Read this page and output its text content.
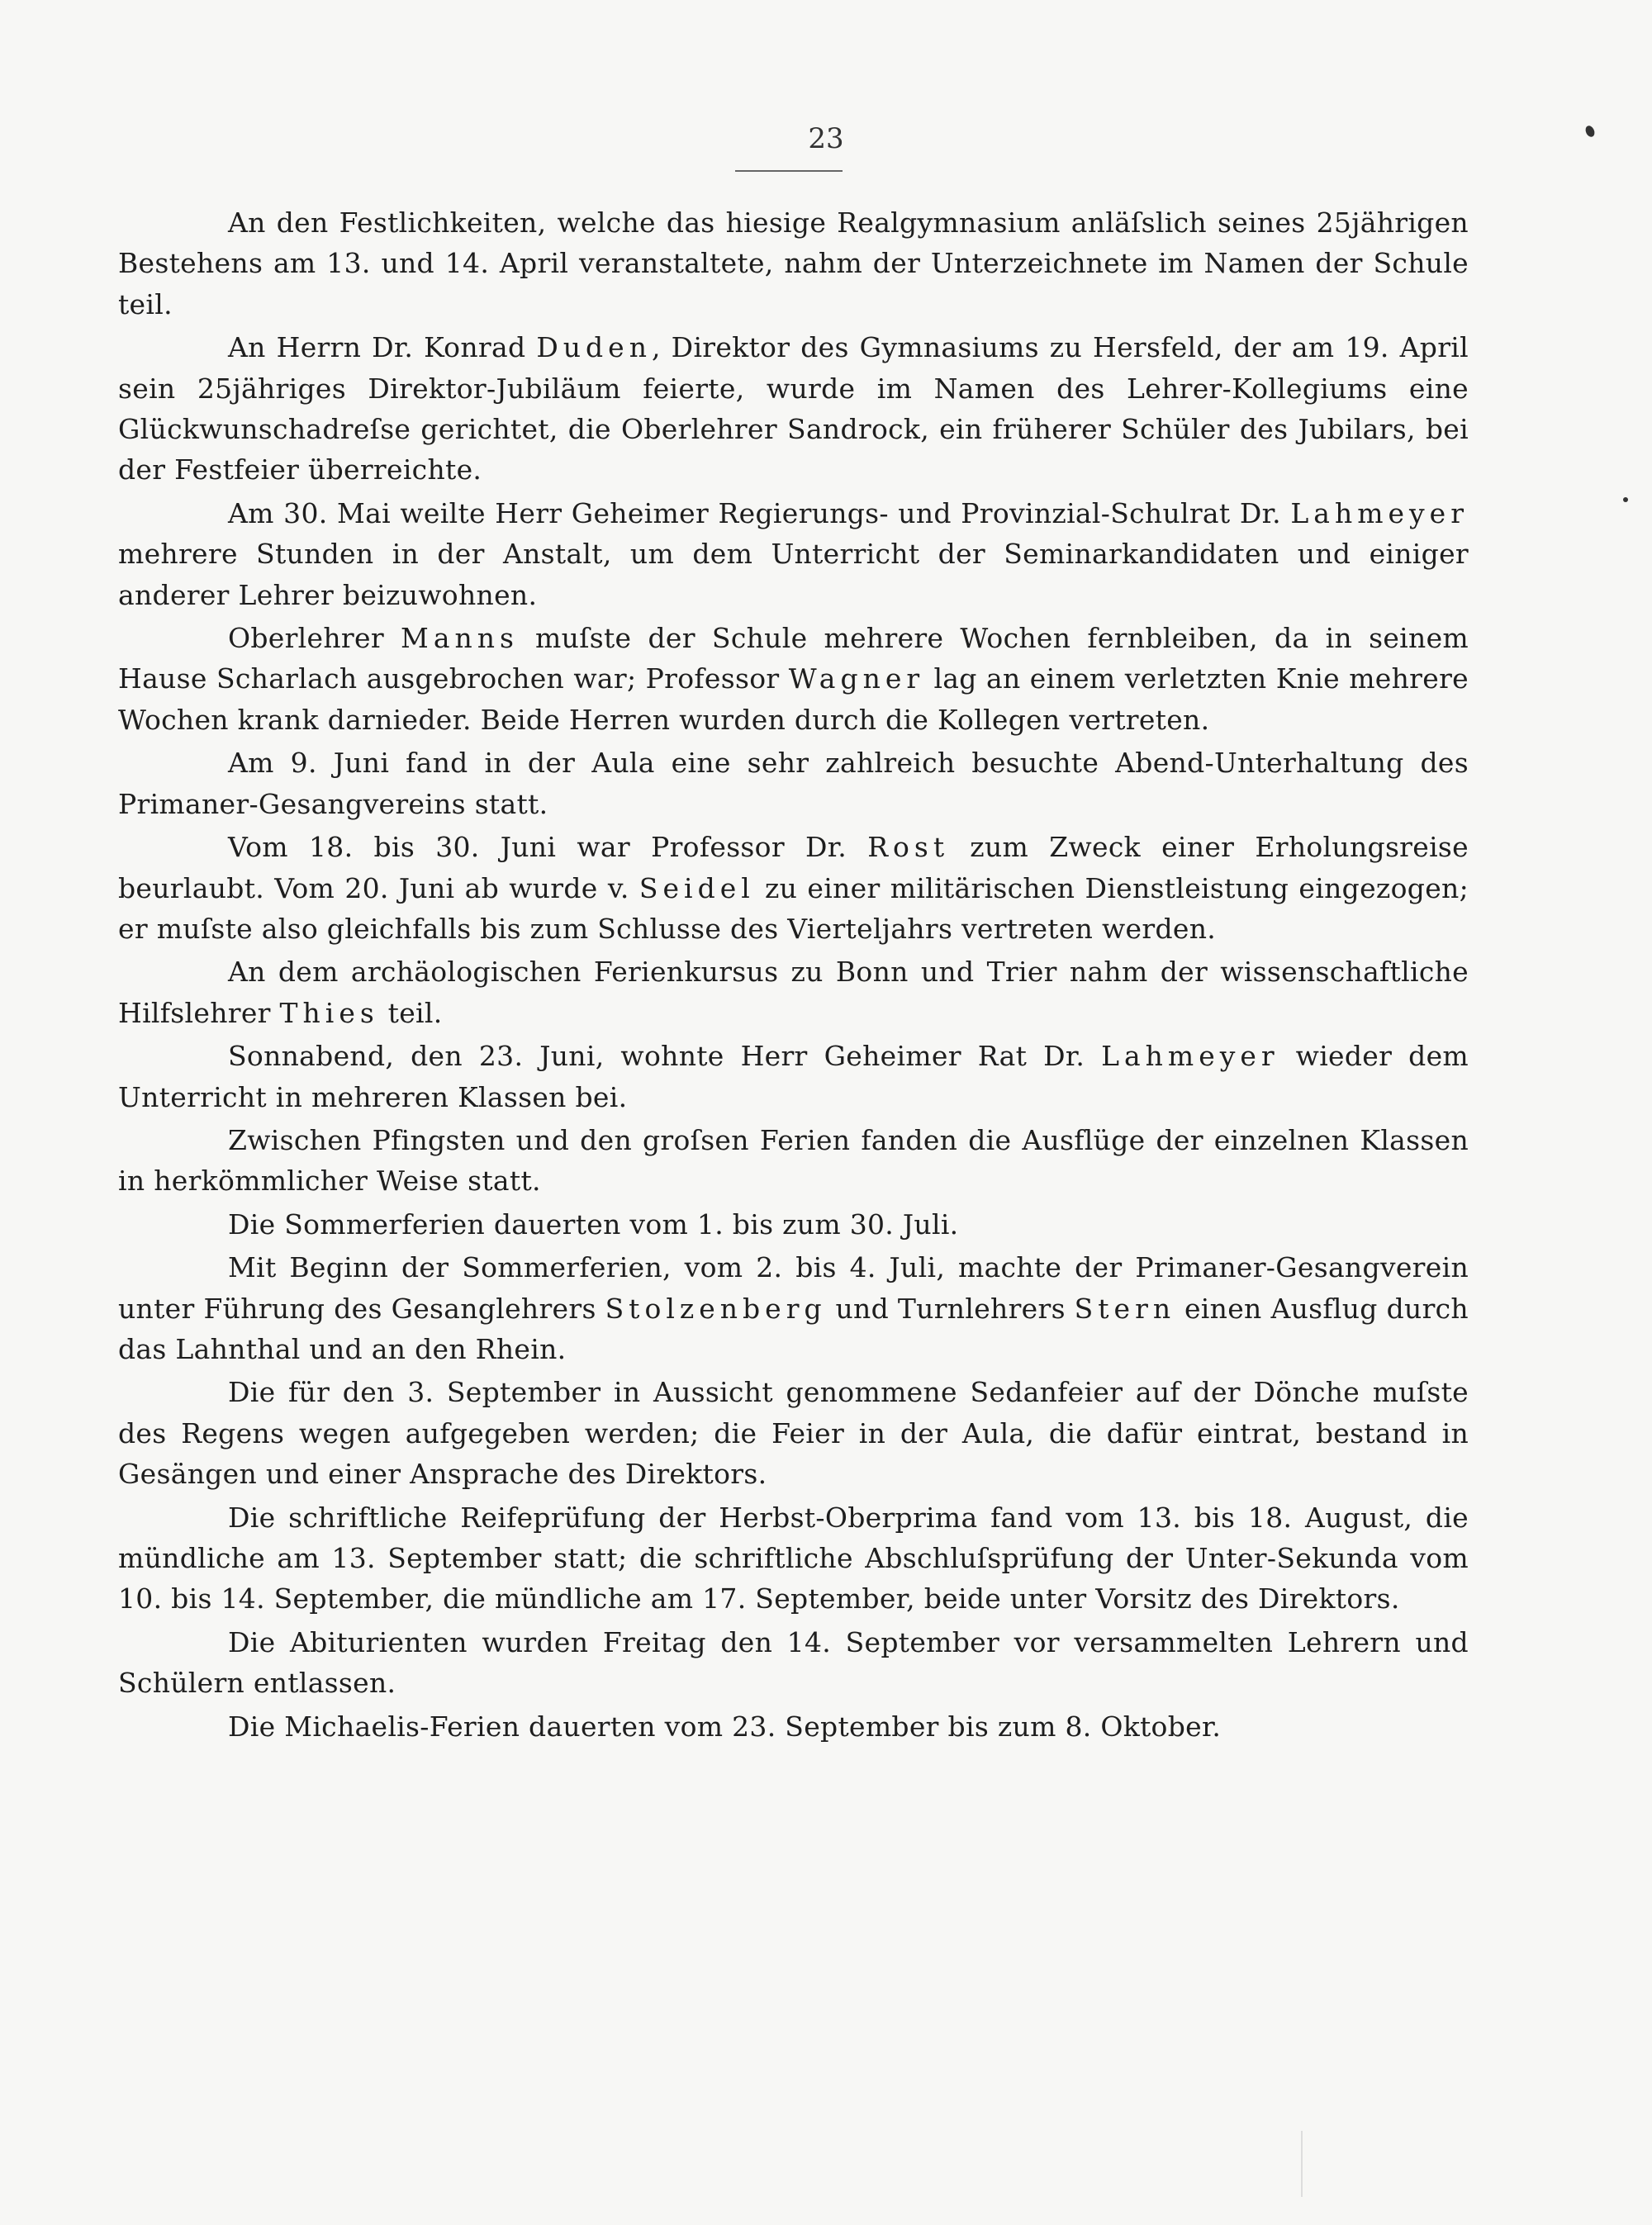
23

An den Festlichkeiten, welche das hiesige Realgymnasium anläſslich seines 25jährigen Bestehens am 13. und 14. April veranstaltete, nahm der Unterzeichnete im Namen der Schule teil.

An Herrn Dr. Konrad Duden, Direktor des Gymnasiums zu Hersfeld, der am 19. April sein 25jähriges Direktor-Jubiläum feierte, wurde im Namen des Lehrer-Kollegiums eine Glückwunschadreſse gerichtet, die Oberlehrer Sandrock, ein früherer Schüler des Jubilars, bei der Festfeier überreichte.

Am 30. Mai weilte Herr Geheimer Regierungs- und Provinzial-Schulrat Dr. Lahmeyer mehrere Stunden in der Anstalt, um dem Unterricht der Seminarkandidaten und einiger anderer Lehrer beizuwohnen.

Oberlehrer Manns muſste der Schule mehrere Wochen fernbleiben, da in seinem Hause Scharlach ausgebrochen war; Professor Wagner lag an einem verletzten Knie mehrere Wochen krank darnieder. Beide Herren wurden durch die Kollegen vertreten.

Am 9. Juni fand in der Aula eine sehr zahlreich besuchte Abend-Unterhaltung des Primaner-Gesangvereins statt.

Vom 18. bis 30. Juni war Professor Dr. Rost zum Zweck einer Erholungsreise beurlaubt. Vom 20. Juni ab wurde v. Seidel zu einer militärischen Dienstleistung eingezogen; er muſste also gleichfalls bis zum Schlusse des Vierteljahrs vertreten werden.

An dem archäologischen Ferienkursus zu Bonn und Trier nahm der wissenschaftliche Hilfslehrer Thies teil.

Sonnabend, den 23. Juni, wohnte Herr Geheimer Rat Dr. Lahmeyer wieder dem Unterricht in mehreren Klassen bei.

Zwischen Pfingsten und den groſsen Ferien fanden die Ausflüge der einzelnen Klassen in herkömmlicher Weise statt.

Die Sommerferien dauerten vom 1. bis zum 30. Juli.

Mit Beginn der Sommerferien, vom 2. bis 4. Juli, machte der Primaner-Gesangverein unter Führung des Gesanglehrers Stolzenberg und Turnlehrers Stern einen Ausflug durch das Lahnthal und an den Rhein.

Die für den 3. September in Aussicht genommene Sedanfeier auf der Dönche muſste des Regens wegen aufgegeben werden; die Feier in der Aula, die dafür eintrat, bestand in Gesängen und einer Ansprache des Direktors.

Die schriftliche Reifeprüfung der Herbst-Oberprima fand vom 13. bis 18. August, die mündliche am 13. September statt; die schriftliche Abschluſsprüfung der Unter-Sekunda vom 10. bis 14. September, die mündliche am 17. September, beide unter Vorsitz des Direktors.

Die Abiturienten wurden Freitag den 14. September vor versammelten Lehrern und Schülern entlassen.

Die Michaelis-Ferien dauerten vom 23. September bis zum 8. Oktober.
